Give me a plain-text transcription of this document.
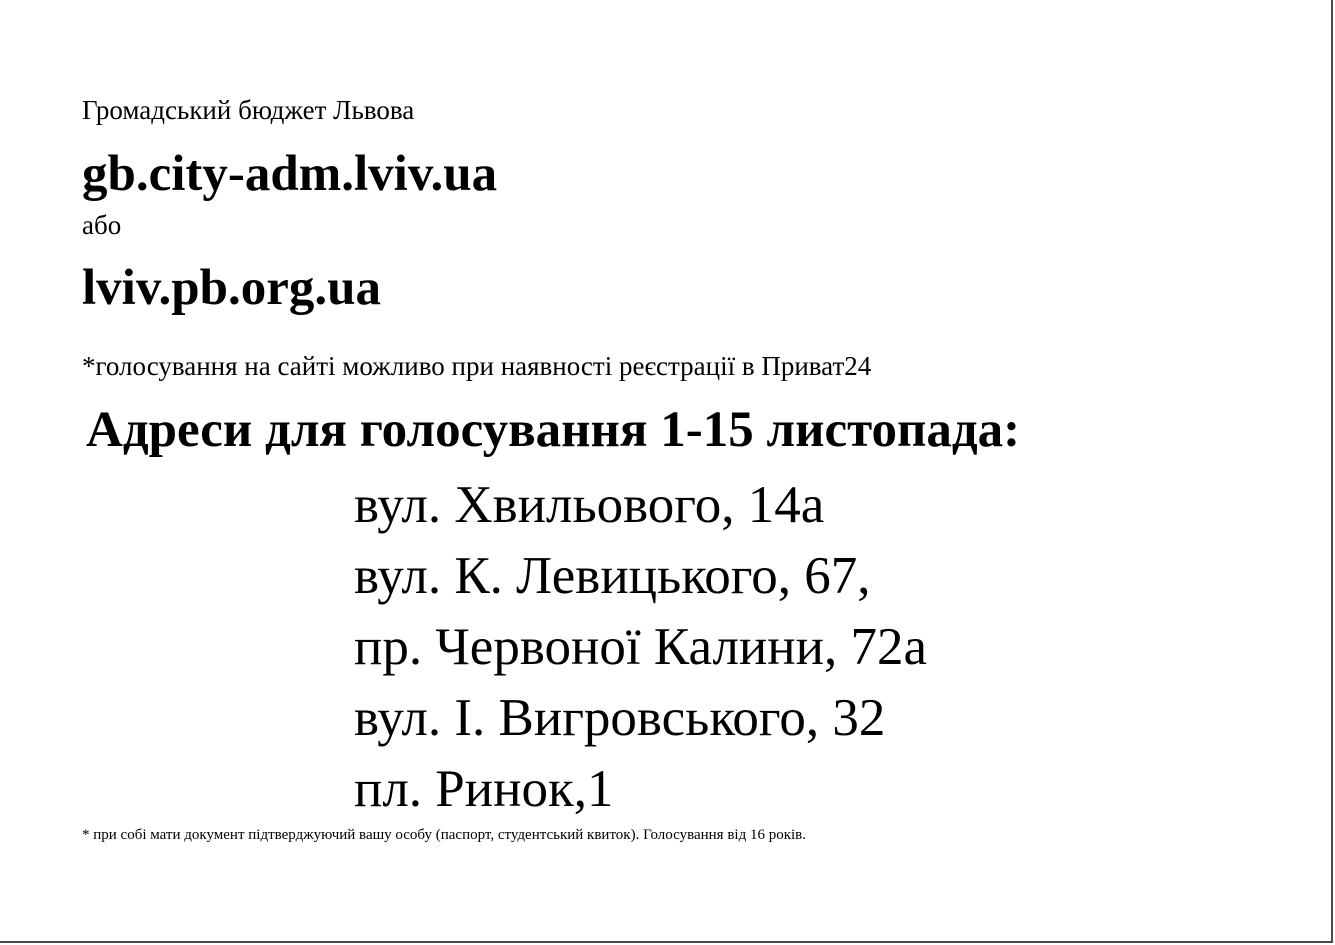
Громадський бюджет Львова
gb.city-adm.lviv.ua
або
lviv.pb.org.ua
*голосування на сайті можливо при наявності реєстрації в Приват24
Адреси для голосування 1-15 листопада:
вул. Хвильового, 14а
вул. К. Левицького, 67,
пр. Червоної Калини, 72а
вул. І. Вигровського, 32
пл. Ринок,1
* при собі мати документ підтверджуючий вашу особу (паспорт, студентський квиток). Голосування від 16 років.
